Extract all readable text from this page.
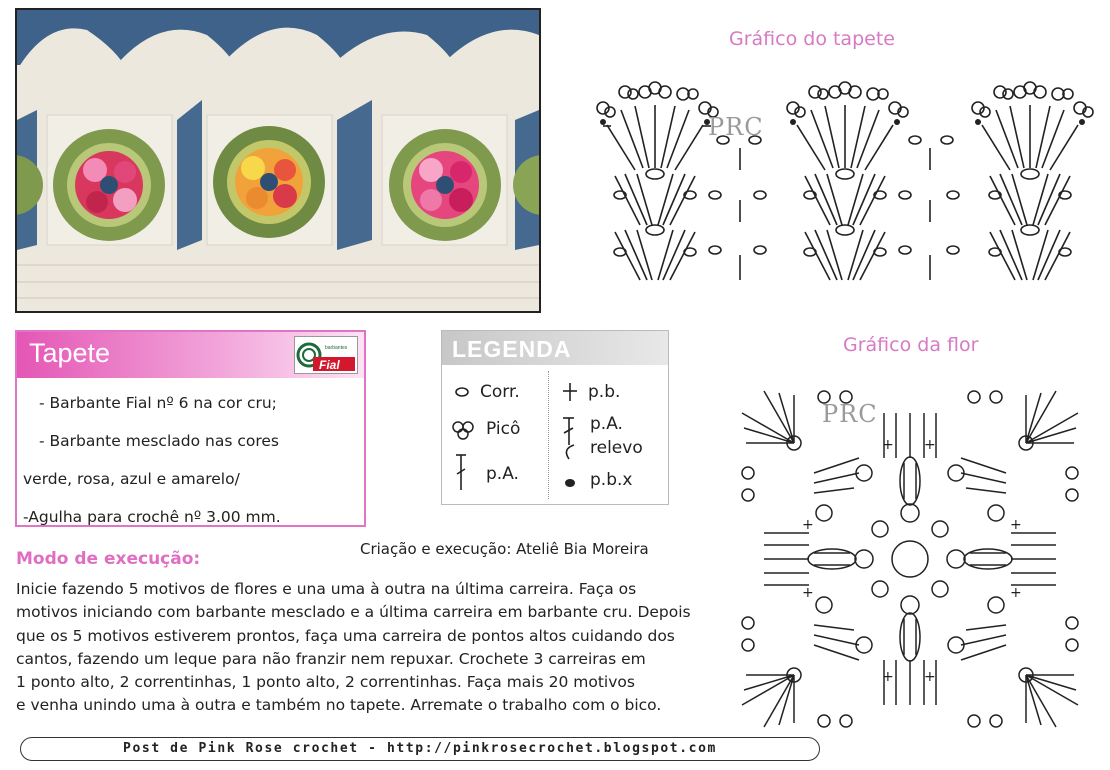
Gráfico do tapete
Gráfico da flor
PRC
+ +
+ +
+
+
+
+
PRC
Tapete	Fial
barbantes
- Barbante Fial nº 6 na cor cru;
- Barbante mesclado nas cores
verde, rosa, azul e amarelo/
-Agulha para crochê nº 3.00 mm.
LEGENDA
Corr.
Picô
p.A.
p.b.
p.A.
relevo
p.b.x
Criação e execução: Ateliê Bia Moreira
Modo de execução:
Inicie fazendo 5 motivos de flores e una uma à outra na última carreira. Faça os
motivos iniciando com barbante mesclado e a última carreira em barbante cru. Depois
que os 5 motivos estiverem prontos, faça uma carreira de pontos altos cuidando dos
cantos, fazendo um leque para não franzir nem repuxar. Crochete 3 carreiras em
1 ponto alto, 2 correntinhas, 1 ponto alto, 2 correntinhas. Faça mais 20 motivos
e venha unindo uma à outra e também no tapete. Arremate o trabalho com o bico.
Post de Pink Rose crochet - http://pinkrosecrochet.blogspot.com
